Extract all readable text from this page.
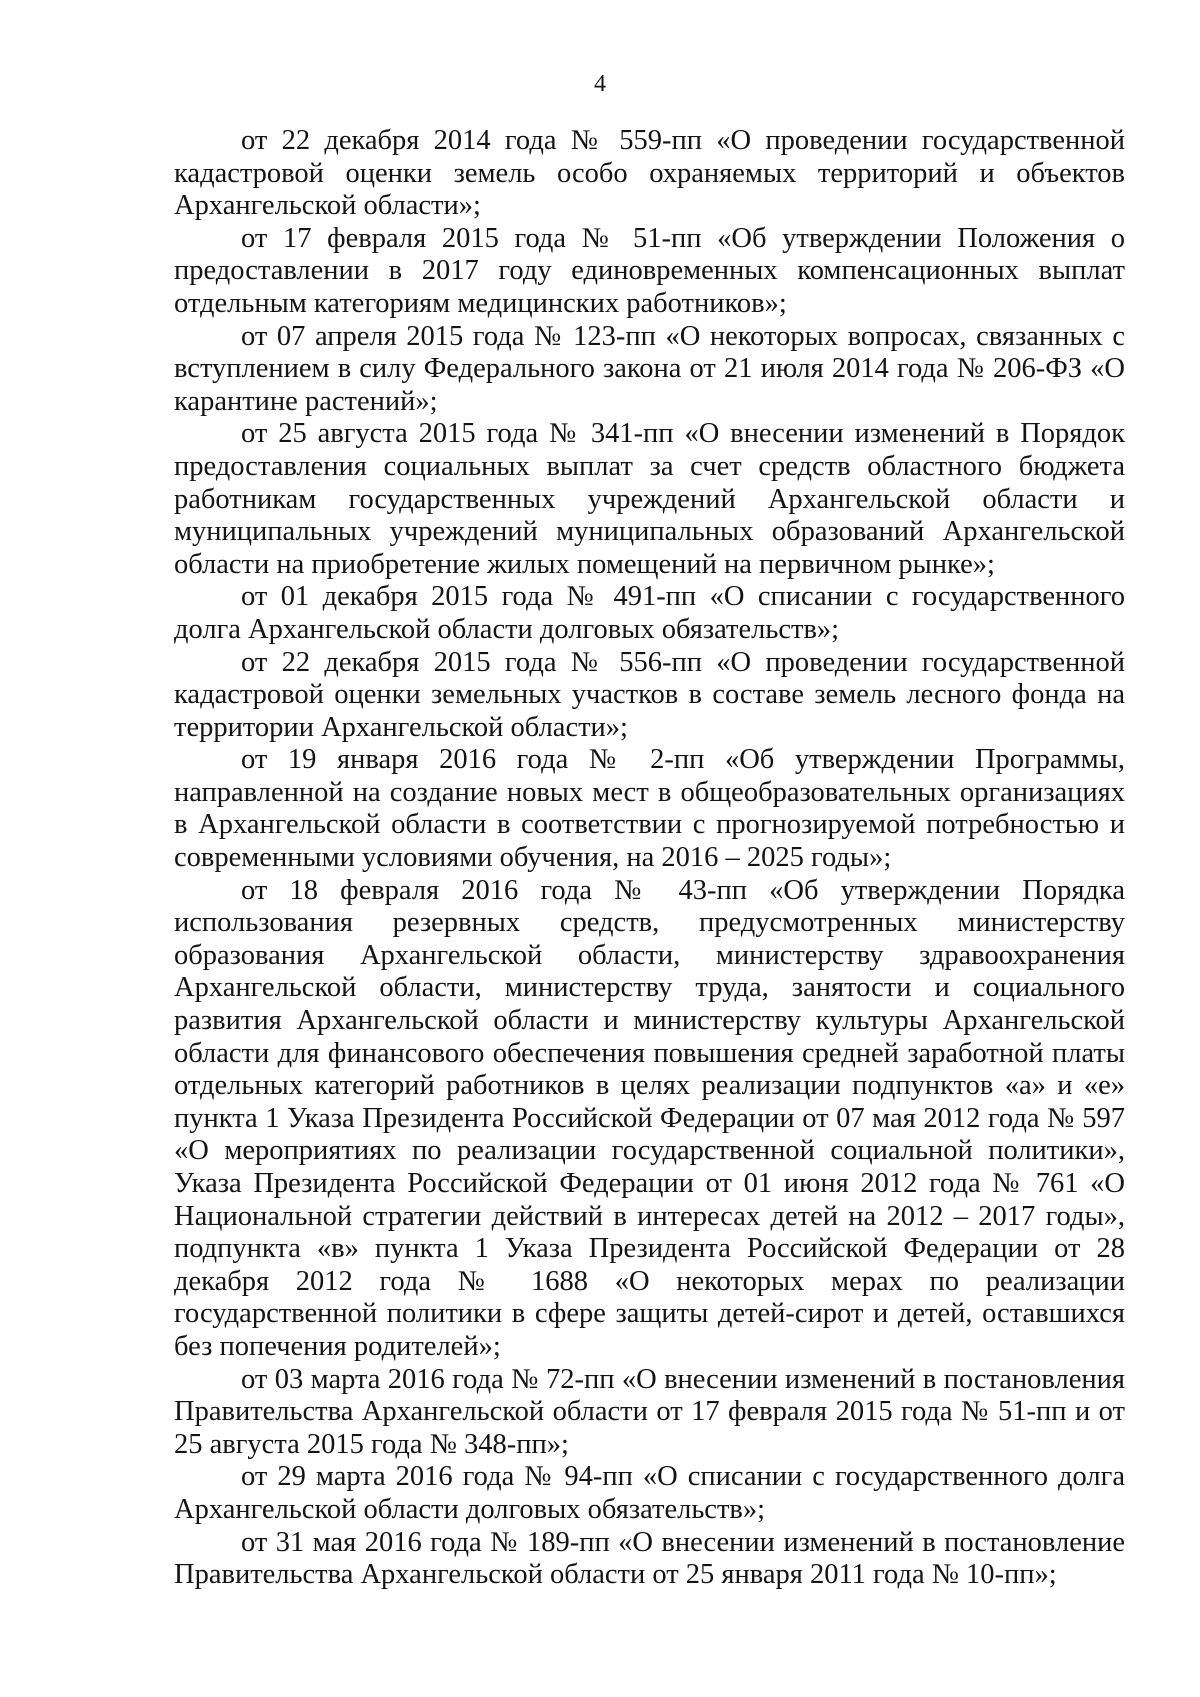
4

от 22 декабря 2014 года № 559-пп «О проведении государственной кадастровой оценки земель особо охраняемых территорий и объектов Архангельской области»;

от 17 февраля 2015 года № 51-пп «Об утверждении Положения о предоставлении в 2017 году единовременных компенсационных выплат отдельным категориям медицинских работников»;

от 07 апреля 2015 года № 123-пп «О некоторых вопросах, связанных с вступлением в силу Федерального закона от 21 июля 2014 года № 206-ФЗ «О карантине растений»;

от 25 августа 2015 года № 341-пп «О внесении изменений в Порядок предоставления социальных выплат за счет средств областного бюджета работникам государственных учреждений Архангельской области и муниципальных учреждений муниципальных образований Архангельской области на приобретение жилых помещений на первичном рынке»;

от 01 декабря 2015 года № 491-пп «О списании с государственного долга Архангельской области долговых обязательств»;

от 22 декабря 2015 года № 556-пп «О проведении государственной кадастровой оценки земельных участков в составе земель лесного фонда на территории Архангельской области»;

от 19 января 2016 года № 2-пп «Об утверждении Программы, направленной на создание новых мест в общеобразовательных организациях в Архангельской области в соответствии с прогнозируемой потребностью и современными условиями обучения, на 2016 – 2025 годы»;

от 18 февраля 2016 года № 43-пп «Об утверждении Порядка использования резервных средств, предусмотренных министерству образования Архангельской области, министерству здравоохранения Архангельской области, министерству труда, занятости и социального развития Архангельской области и министерству культуры Архангельской области для финансового обеспечения повышения средней заработной платы отдельных категорий работников в целях реализации подпунктов «а» и «е» пункта 1 Указа Президента Российской Федерации от 07 мая 2012 года № 597 «О мероприятиях по реализации государственной социальной политики», Указа Президента Российской Федерации от 01 июня 2012 года № 761 «О Национальной стратегии действий в интересах детей на 2012 – 2017 годы», подпункта «в» пункта 1 Указа Президента Российской Федерации от 28 декабря 2012 года № 1688 «О некоторых мерах по реализации государственной политики в сфере защиты детей-сирот и детей, оставшихся без попечения родителей»;

от 03 марта 2016 года № 72-пп «О внесении изменений в постановления Правительства Архангельской области от 17 февраля 2015 года № 51-пп и от 25 августа 2015 года № 348-пп»;

от 29 марта 2016 года № 94-пп «О списании с государственного долга Архангельской области долговых обязательств»;

от 31 мая 2016 года № 189-пп «О внесении изменений в постановление Правительства Архангельской области от 25 января 2011 года № 10-пп»;
